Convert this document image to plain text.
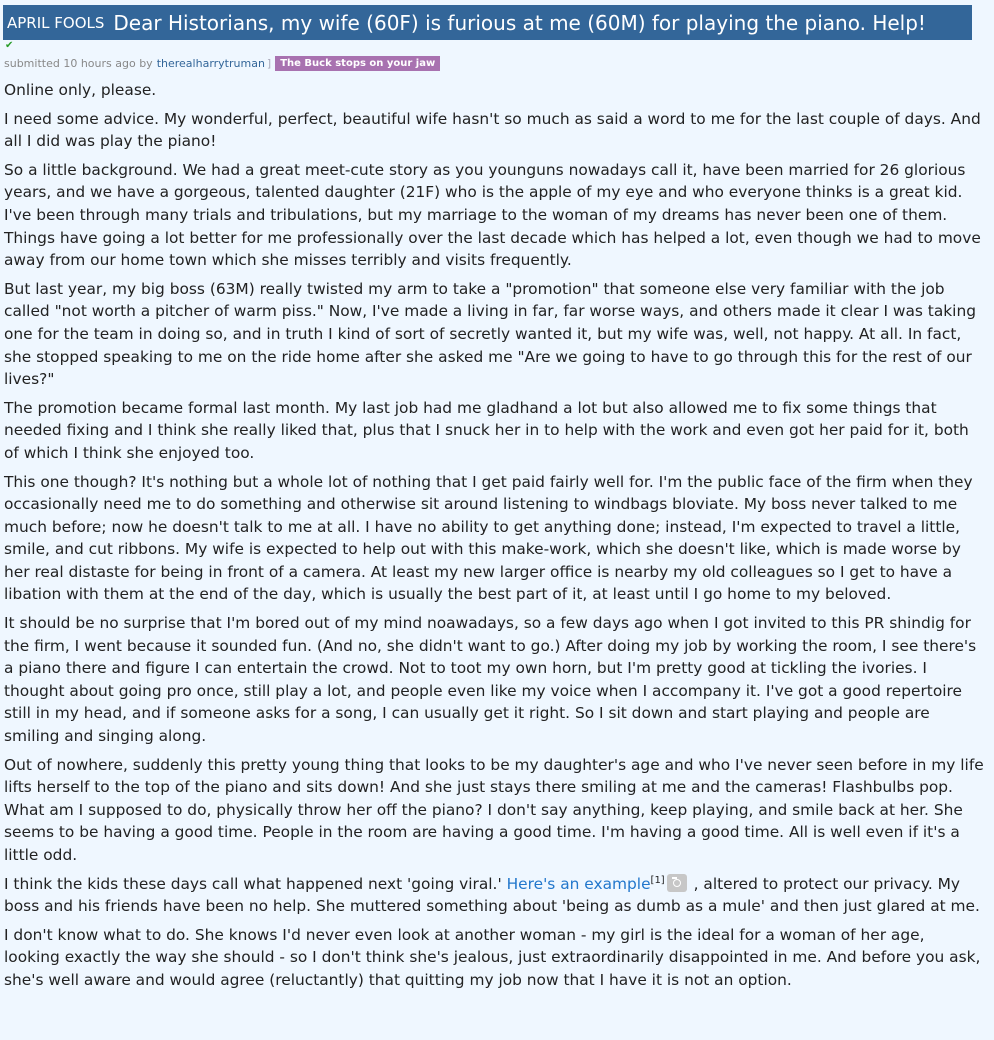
APRIL FOOLS Dear Historians, my wife (60F) is furious at me (60M) for playing the piano. Help!
✔
submitted 10 hours ago by therealharrytruman ] The Buck stops on your jaw

Online only, please.

I need some advice. My wonderful, perfect, beautiful wife hasn't so much as said a word to me for the last couple of days. And all I did was play the piano!

So a little background. We had a great meet-cute story as you younguns nowadays call it, have been married for 26 glorious years, and we have a gorgeous, talented daughter (21F) who is the apple of my eye and who everyone thinks is a great kid. I've been through many trials and tribulations, but my marriage to the woman of my dreams has never been one of them. Things have going a lot better for me professionally over the last decade which has helped a lot, even though we had to move away from our home town which she misses terribly and visits frequently.

But last year, my big boss (63M) really twisted my arm to take a "promotion" that someone else very familiar with the job called "not worth a pitcher of warm piss." Now, I've made a living in far, far worse ways, and others made it clear I was taking one for the team in doing so, and in truth I kind of sort of secretly wanted it, but my wife was, well, not happy. At all. In fact, she stopped speaking to me on the ride home after she asked me "Are we going to have to go through this for the rest of our lives?"

The promotion became formal last month. My last job had me gladhand a lot but also allowed me to fix some things that needed fixing and I think she really liked that, plus that I snuck her in to help with the work and even got her paid for it, both of which I think she enjoyed too.

This one though? It's nothing but a whole lot of nothing that I get paid fairly well for. I'm the public face of the firm when they occasionally need me to do something and otherwise sit around listening to windbags bloviate. My boss never talked to me much before; now he doesn't talk to me at all. I have no ability to get anything done; instead, I'm expected to travel a little, smile, and cut ribbons. My wife is expected to help out with this make-work, which she doesn't like, which is made worse by her real distaste for being in front of a camera. At least my new larger office is nearby my old colleagues so I get to have a libation with them at the end of the day, which is usually the best part of it, at least until I go home to my beloved.

It should be no surprise that I'm bored out of my mind noawadays, so a few days ago when I got invited to this PR shindig for the firm, I went because it sounded fun. (And no, she didn't want to go.) After doing my job by working the room, I see there's a piano there and figure I can entertain the crowd. Not to toot my own horn, but I'm pretty good at tickling the ivories. I thought about going pro once, still play a lot, and people even like my voice when I accompany it. I've got a good repertoire still in my head, and if someone asks for a song, I can usually get it right. So I sit down and start playing and people are smiling and singing along.

Out of nowhere, suddenly this pretty young thing that looks to be my daughter's age and who I've never seen before in my life lifts herself to the top of the piano and sits down! And she just stays there smiling at me and the cameras! Flashbulbs pop. What am I supposed to do, physically throw her off the piano? I don't say anything, keep playing, and smile back at her. She seems to be having a good time. People in the room are having a good time. I'm having a good time. All is well even if it's a little odd.

I think the kids these days call what happened next 'going viral.' Here's an example[1] , altered to protect our privacy. My boss and his friends have been no help. She muttered something about 'being as dumb as a mule' and then just glared at me.

I don't know what to do. She knows I'd never even look at another woman - my girl is the ideal for a woman of her age, looking exactly the way she should - so I don't think she's jealous, just extraordinarily disappointed in me. And before you ask, she's well aware and would agree (reluctantly) that quitting my job now that I have it is not an option.
